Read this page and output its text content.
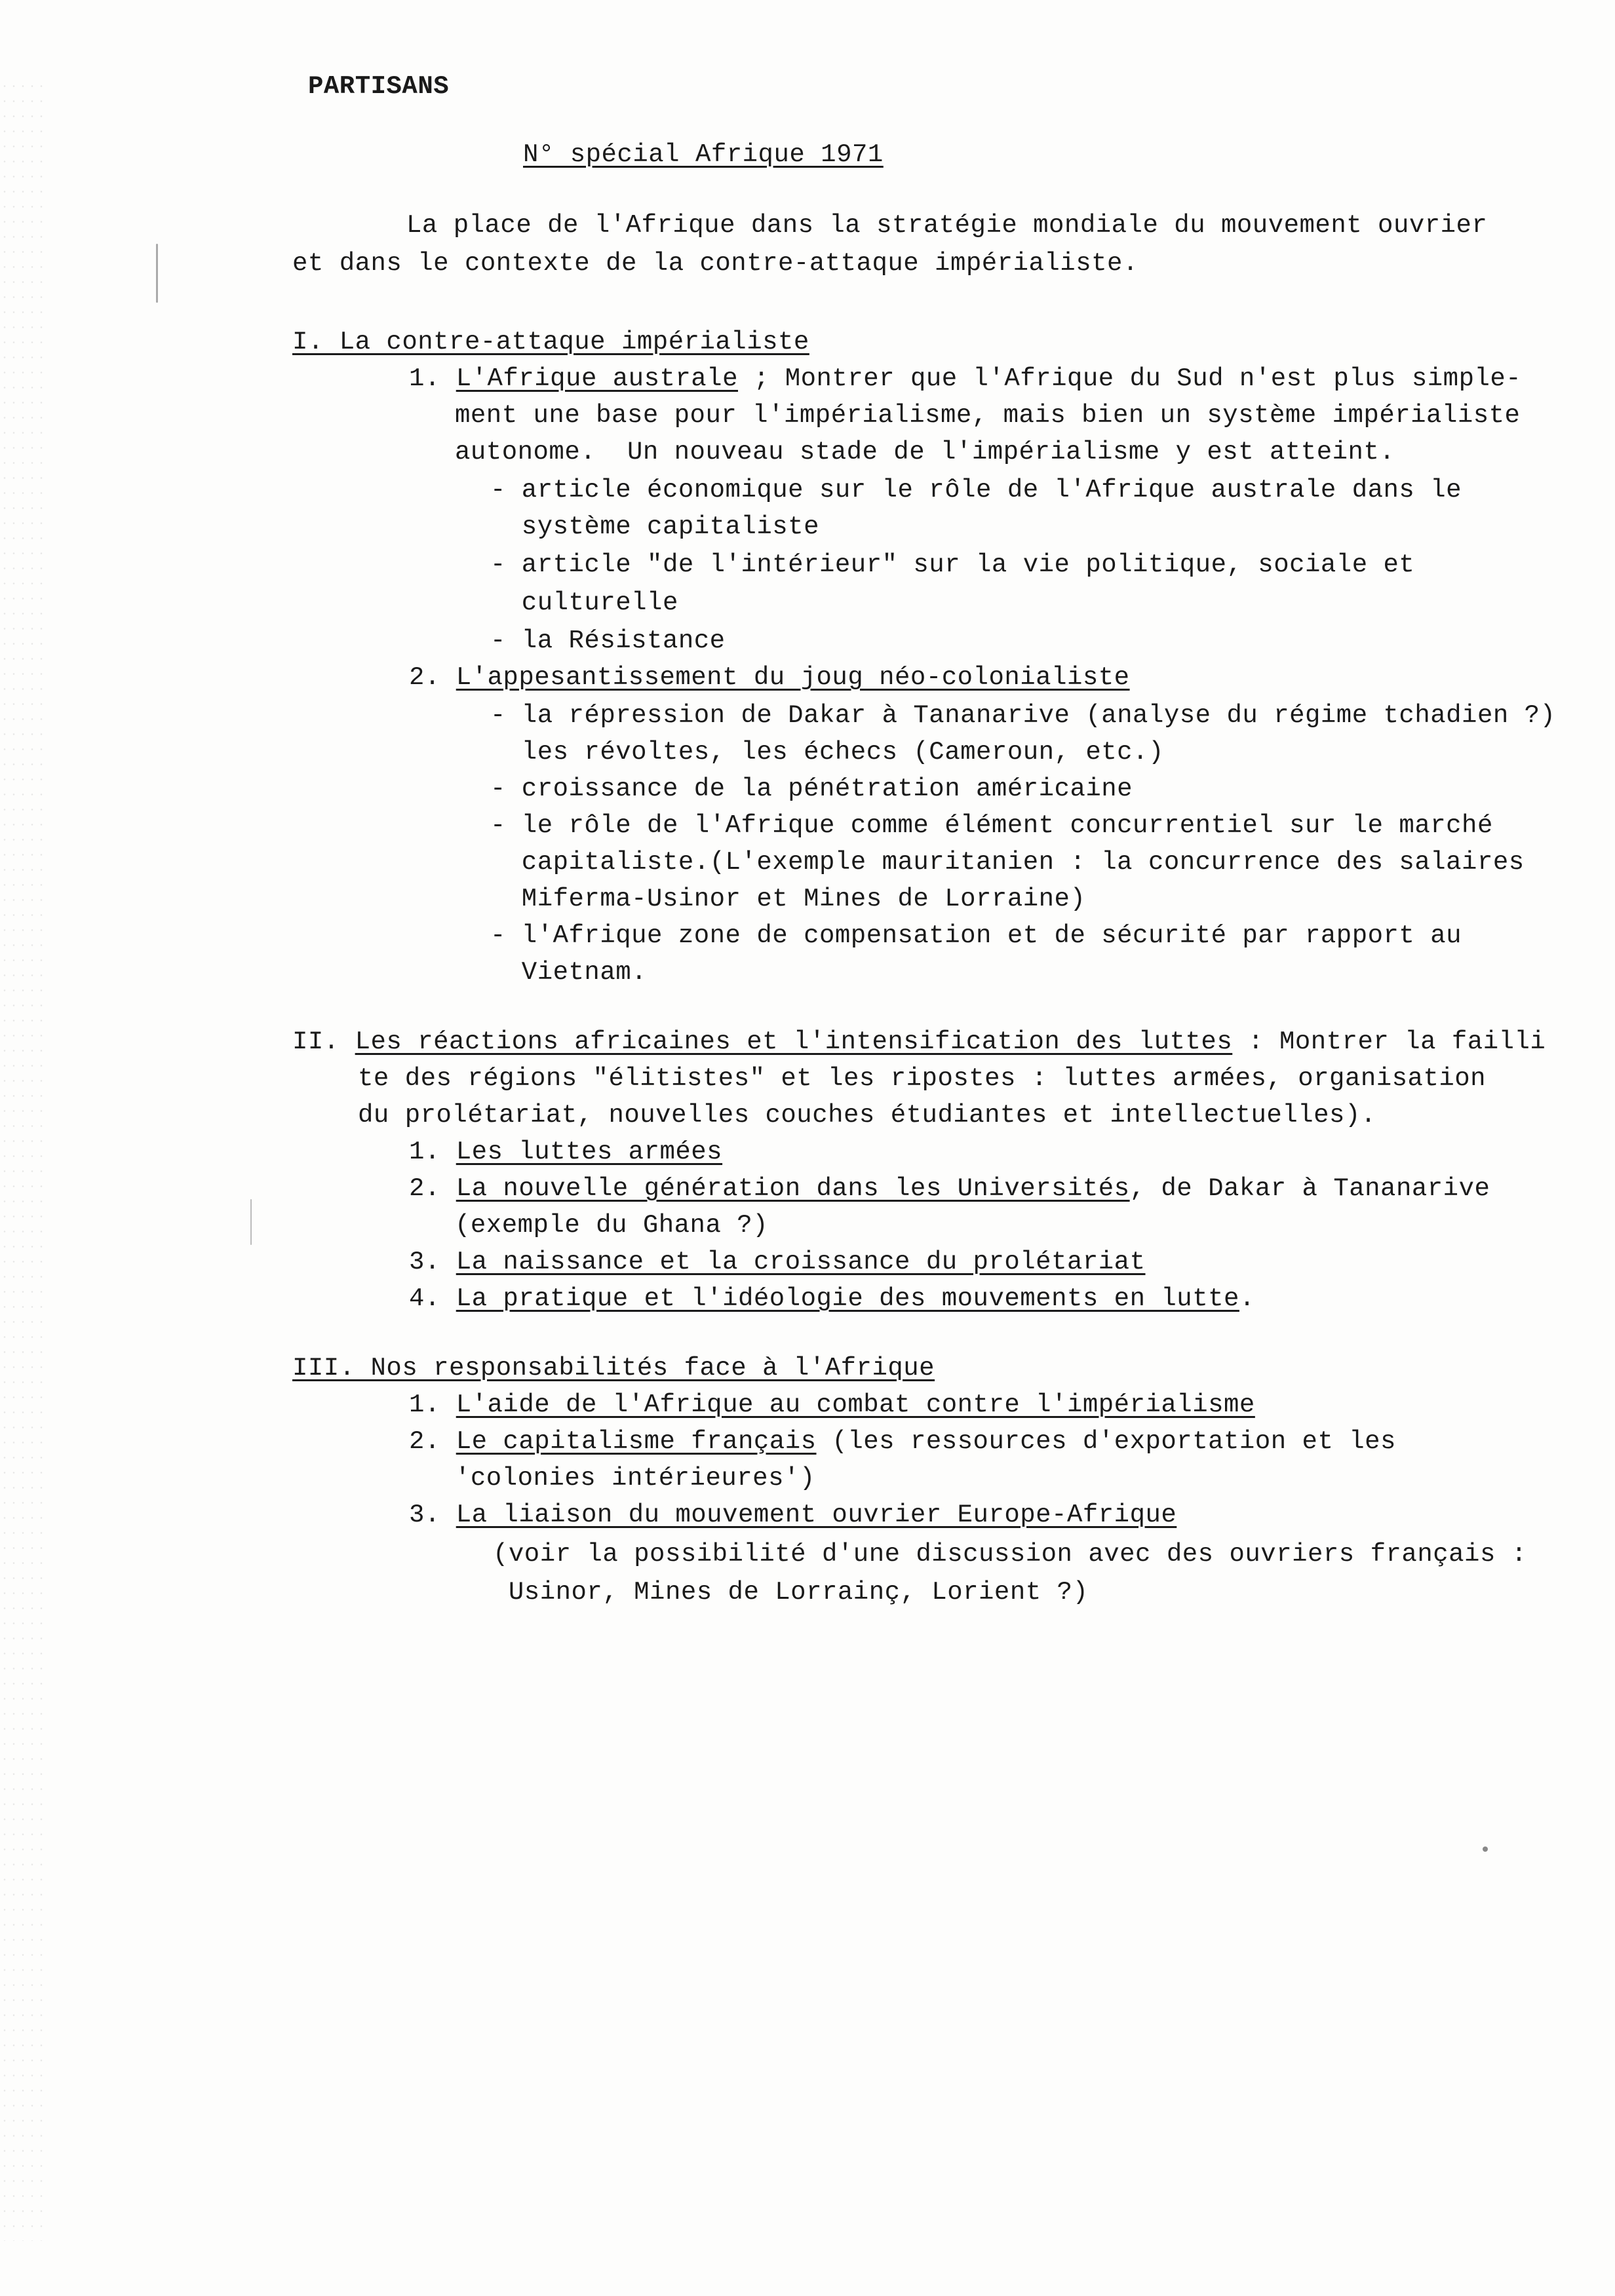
PARTISANS
N° spécial Afrique 1971
La place de l'Afrique dans la stratégie mondiale du mouvement ouvrier
et dans le contexte de la contre-attaque impérialiste.
I. La contre-attaque impérialiste
1. L'Afrique australe ; Montrer que l'Afrique du Sud n'est plus simple-
ment une base pour l'impérialisme, mais bien un système impérialiste
autonome.  Un nouveau stade de l'impérialisme y est atteint.
- article économique sur le rôle de l'Afrique australe dans le
système capitaliste
- article "de l'intérieur" sur la vie politique, sociale et
culturelle
- la Résistance
2. L'appesantissement du joug néo-colonialiste
- la répression de Dakar à Tananarive (analyse du régime tchadien ?)
les révoltes, les échecs (Cameroun, etc.)
- croissance de la pénétration américaine
- le rôle de l'Afrique comme élément concurrentiel sur le marché
capitaliste.(L'exemple mauritanien : la concurrence des salaires
Miferma-Usinor et Mines de Lorraine)
- l'Afrique zone de compensation et de sécurité par rapport au
Vietnam.
II. Les réactions africaines et l'intensification des luttes : Montrer la failli
te des régions "élitistes" et les ripostes : luttes armées, organisation
du prolétariat, nouvelles couches étudiantes et intellectuelles).
1. Les luttes armées
2. La nouvelle génération dans les Universités, de Dakar à Tananarive
(exemple du Ghana ?)
3. La naissance et la croissance du prolétariat
4. La pratique et l'idéologie des mouvements en lutte.
III. Nos responsabilités face à l'Afrique
1. L'aide de l'Afrique au combat contre l'impérialisme
2. Le capitalisme français (les ressources d'exportation et les
'colonies intérieures')
3. La liaison du mouvement ouvrier Europe-Afrique
(voir la possibilité d'une discussion avec des ouvriers français :
Usinor, Mines de Lorrainç, Lorient ?)
